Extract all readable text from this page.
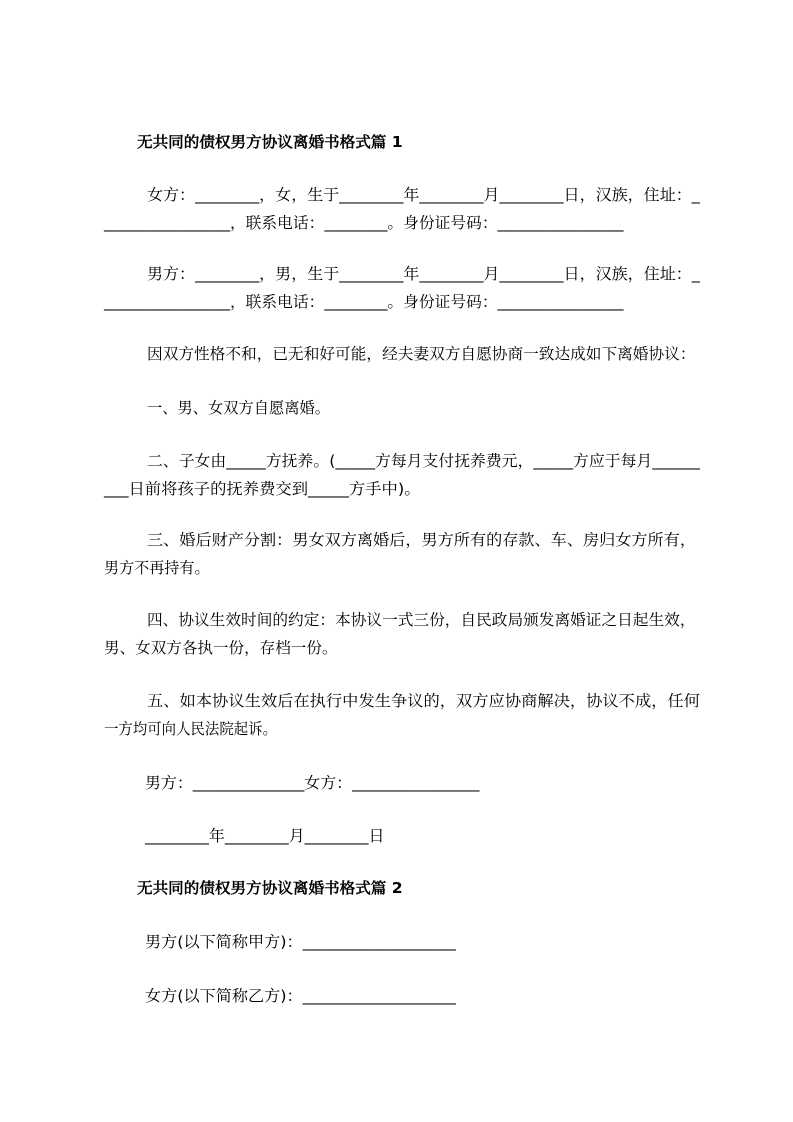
无共同的债权男方协议离婚书格式篇 1
女方：________，女，生于________年________月________日，汉族，住址：_
________________，联系电话：________。身份证号码：________________
男方：________，男，生于________年________月________日，汉族，住址：_
________________，联系电话：________。身份证号码：________________
因双方性格不和，已无和好可能，经夫妻双方自愿协商一致达成如下离婚协议：
一、男、女双方自愿离婚。
二、子女由_____方抚养。(_____方每月支付抚养费元，_____方应于每月______
___日前将孩子的抚养费交到_____方手中)。
三、婚后财产分割：男女双方离婚后，男方所有的存款、车、房归女方所有，
男方不再持有。
四、协议生效时间的约定：本协议一式三份，自民政局颁发离婚证之日起生效，
男、女双方各执一份，存档一份。
五、如本协议生效后在执行中发生争议的，双方应协商解决，协议不成，任何
一方均可向人民法院起诉。
男方：______________女方：________________
________年________月________日
无共同的债权男方协议离婚书格式篇 2
男方(以下简称甲方)：___________________
女方(以下简称乙方)：___________________
